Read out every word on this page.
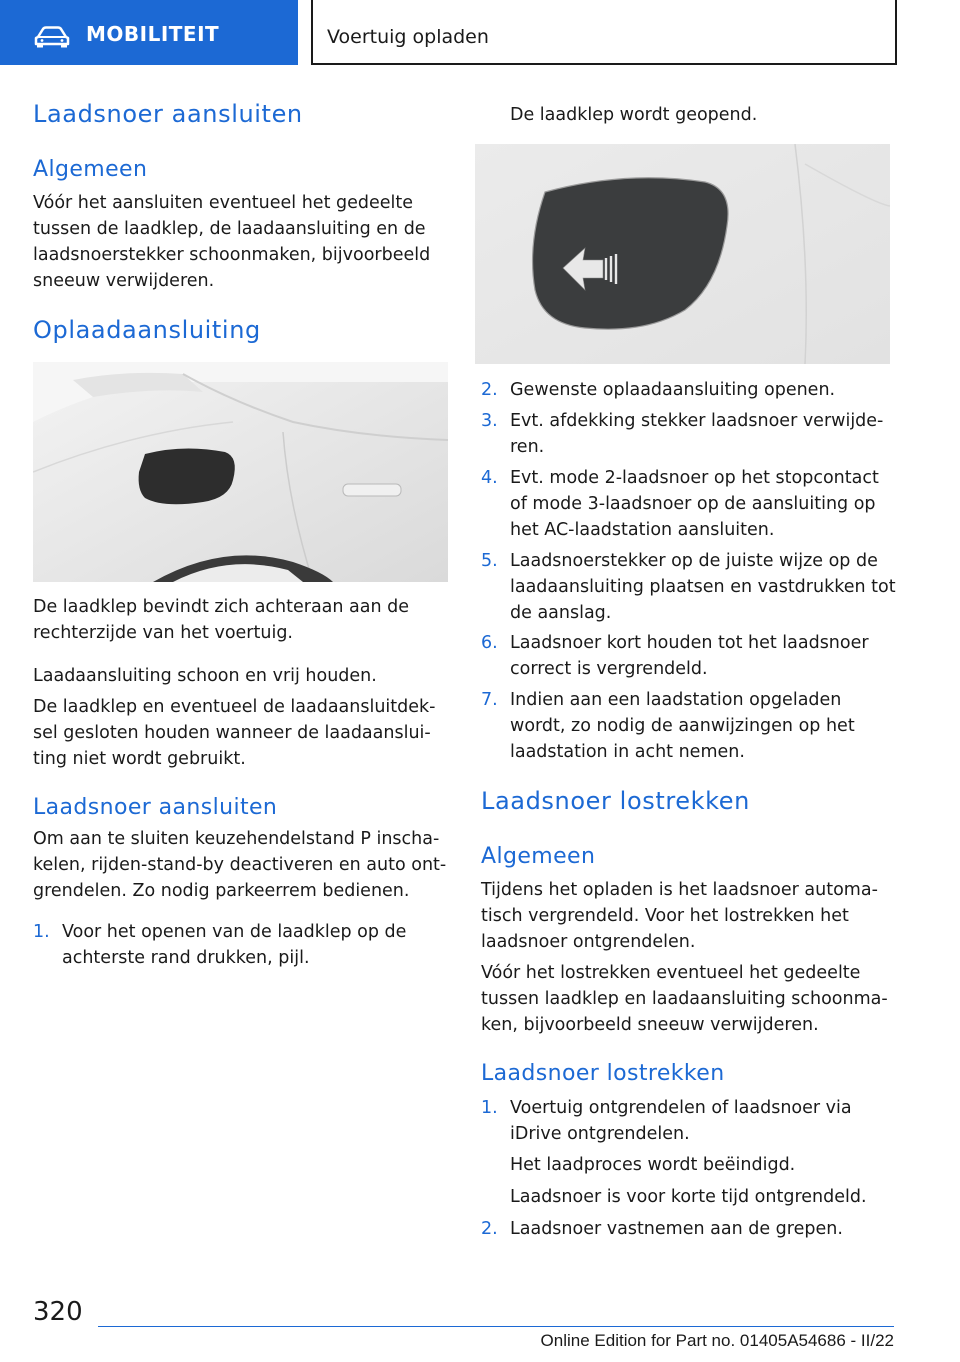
MOBILITEIT	Voertuig opladen
Laadsnoer aansluiten
Algemeen

Vóór het aansluiten eventueel het gedeelte
tussen de laadklep, de laadaansluiting en de
laadsnoerstekker schoonmaken, bijvoorbeeld
sneeuw verwijderen.

Oplaadaansluiting

De laadklep bevindt zich achteraan aan de
rechterzijde van het voertuig.

Laadaansluiting schoon en vrij houden.

De laadklep en eventueel de laadaansluitdek-
sel gesloten houden wanneer de laadaanslui-
ting niet wordt gebruikt.

Laadsnoer aansluiten

Om aan te sluiten keuzehendelstand P inscha-
kelen, rijden-stand-by deactiveren en auto ont-
grendelen. Zo nodig parkeerrem bedienen.

1. Voor het openen van de laadklep op de
achterste rand drukken, pijl.

De laadklep wordt geopend.

2. Gewenste oplaadaansluiting openen.
3. Evt. afdekking stekker laadsnoer verwijde-
ren.
4. Evt. mode 2-laadsnoer op het stopcontact
of mode 3-laadsnoer op de aansluiting op
het AC-laadstation aansluiten.
5. Laadsnoerstekker op de juiste wijze op de
laadaansluiting plaatsen en vastdrukken tot
de aanslag.
6. Laadsnoer kort houden tot het laadsnoer
correct is vergrendeld.
7. Indien aan een laadstation opgeladen
wordt, zo nodig de aanwijzingen op het
laadstation in acht nemen.
Laadsnoer lostrekken
Algemeen

Tijdens het opladen is het laadsnoer automa-
tisch vergrendeld. Voor het lostrekken het
laadsnoer ontgrendelen.

Vóór het lostrekken eventueel het gedeelte
tussen laadklep en laadaansluiting schoonma-
ken, bijvoorbeeld sneeuw verwijderen.

Laadsnoer lostrekken
1. Voertuig ontgrendelen of laadsnoer via
iDrive ontgrendelen.

Het laadproces wordt beëindigd.

Laadsnoer is voor korte tijd ontgrendeld.

2. Laadsnoer vastnemen aan de grepen.
320
Online Edition for Part no. 01405A54686 - II/22
